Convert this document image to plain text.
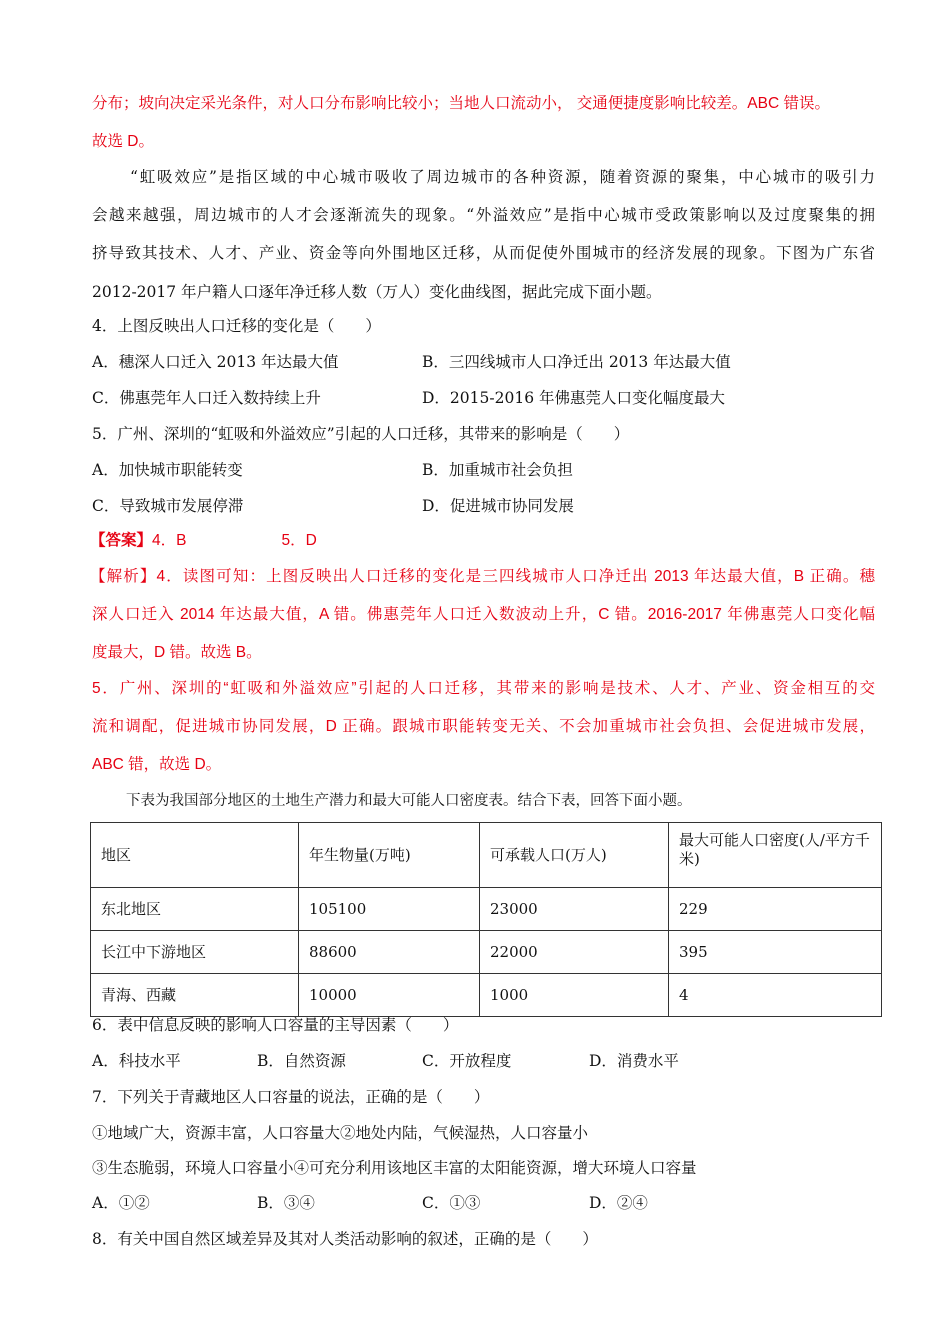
分布；坡向决定采光条件，对人口分布影响比较小；当地人口流动小， 交通便捷度影响比较差。ABC 错误。
故选 D。
“虹吸效应”是指区域的中心城市吸收了周边城市的各种资源，随着资源的聚集，中心城市的吸引力
会越来越强，周边城市的人才会逐渐流失的现象。“外溢效应”是指中心城市受政策影响以及过度聚集的拥
挤导致其技术、人才、产业、资金等向外围地区迁移，从而促使外围城市的经济发展的现象。下图为广东省
2012-2017 年户籍人口逐年净迁移人数（万人）变化曲线图，据此完成下面小题。
4．上图反映出人口迁移的变化是（　　）
A．穗深人口迁入 2013 年达最大值	B．三四线城市人口净迁出 2013 年达最大值
C．佛惠莞年人口迁入数持续上升	D．2015-2016 年佛惠莞人口变化幅度最大
5．广州、深圳的“虹吸和外溢效应”引起的人口迁移，其带来的影响是（　　）
A．加快城市职能转变	B．加重城市社会负担
C．导致城市发展停滞	D．促进城市协同发展
【答案】4．B	5．D
【解析】4．读图可知：上图反映出人口迁移的变化是三四线城市人口净迁出 2013 年达最大值，B 正确。穗
深人口迁入 2014 年达最大值，A 错。佛惠莞年人口迁入数波动上升，C 错。2016-2017 年佛惠莞人口变化幅
度最大，D 错。故选 B。
5．广州、深圳的“虹吸和外溢效应”引起的人口迁移，其带来的影响是技术、人才、产业、资金相互的交
流和调配，促进城市协同发展，D 正确。跟城市职能转变无关、不会加重城市社会负担、会促进城市发展，
ABC 错，故选 D。
下表为我国部分地区的土地生产潜力和最大可能人口密度表。结合下表，回答下面小题。
地区	年生物量(万吨)	可承载人口(万人)	最大可能人口密度(人/平方千米)
东北地区	105100	23000	229
长江中下游地区	88600	22000	395
青海、西藏	10000	1000	4
6．表中信息反映的影响人口容量的主导因素（　　）
A．科技水平	B．自然资源	C．开放程度	D．消费水平
7．下列关于青藏地区人口容量的说法，正确的是（　　）
①地域广大，资源丰富，人口容量大②地处内陆，气候湿热，人口容量小
③生态脆弱，环境人口容量小④可充分利用该地区丰富的太阳能资源，增大环境人口容量
A．①②	B．③④	C．①③	D．②④
8．有关中国自然区域差异及其对人类活动影响的叙述，正确的是（　　）
